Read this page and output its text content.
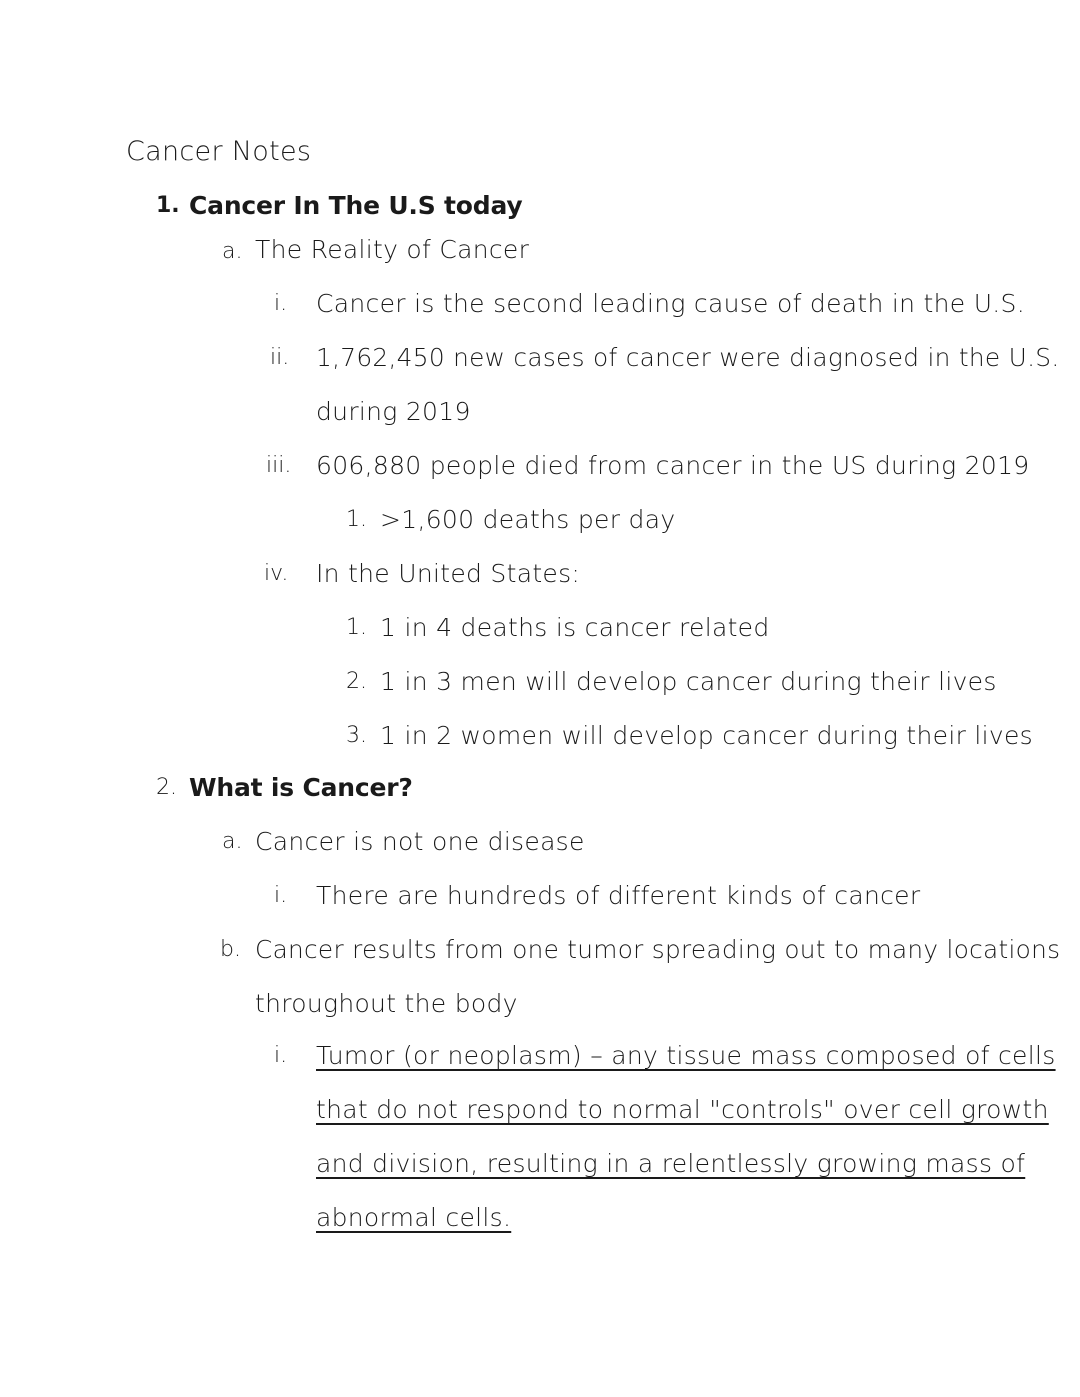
Cancer Notes
1. Cancer In The U.S today
a. The Reality of Cancer
i. Cancer is the second leading cause of death in the U.S.
ii. 1,762,450 new cases of cancer were diagnosed in the U.S.
during 2019
iii. 606,880 people died from cancer in the US during 2019
1. >1,600 deaths per day
iv. In the United States:
1. 1 in 4 deaths is cancer related
2. 1 in 3 men will develop cancer during their lives
3. 1 in 2 women will develop cancer during their lives
2. What is Cancer?
a. Cancer is not one disease
i. There are hundreds of different kinds of cancer
b. Cancer results from one tumor spreading out to many locations
throughout the body
i. Tumor (or neoplasm) – any tissue mass composed of cells
that do not respond to normal "controls" over cell growth
and division, resulting in a relentlessly growing mass of
abnormal cells.
